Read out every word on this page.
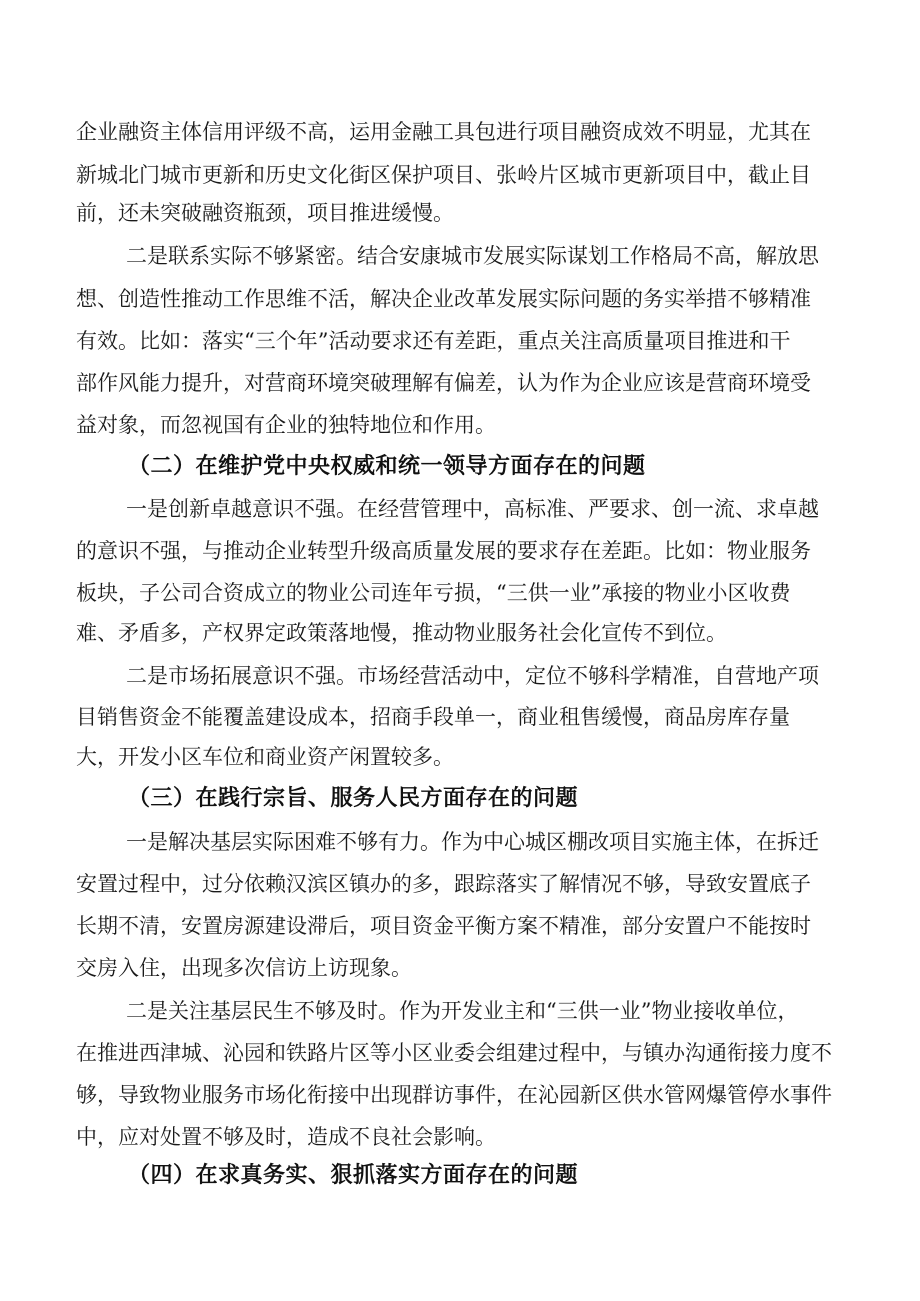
企业融资主体信用评级不高，运用金融工具包进行项目融资成效不明显，尤其在
新城北门城市更新和历史文化街区保护项目、张岭片区城市更新项目中，截止目
前，还未突破融资瓶颈，项目推进缓慢。
二是联系实际不够紧密。结合安康城市发展实际谋划工作格局不高，解放思
想、创造性推动工作思维不活，解决企业改革发展实际问题的务实举措不够精准
有效。比如：落实“三个年”活动要求还有差距，重点关注高质量项目推进和干
部作风能力提升，对营商环境突破理解有偏差，认为作为企业应该是营商环境受
益对象，而忽视国有企业的独特地位和作用。
（二）在维护党中央权威和统一领导方面存在的问题
一是创新卓越意识不强。在经营管理中，高标准、严要求、创一流、求卓越
的意识不强，与推动企业转型升级高质量发展的要求存在差距。比如：物业服务
板块，子公司合资成立的物业公司连年亏损，“三供一业”承接的物业小区收费
难、矛盾多，产权界定政策落地慢，推动物业服务社会化宣传不到位。
二是市场拓展意识不强。市场经营活动中，定位不够科学精准，自营地产项
目销售资金不能覆盖建设成本，招商手段单一，商业租售缓慢，商品房库存量
大，开发小区车位和商业资产闲置较多。
（三）在践行宗旨、服务人民方面存在的问题
一是解决基层实际困难不够有力。作为中心城区棚改项目实施主体，在拆迁
安置过程中，过分依赖汉滨区镇办的多，跟踪落实了解情况不够，导致安置底子
长期不清，安置房源建设滞后，项目资金平衡方案不精准，部分安置户不能按时
交房入住，出现多次信访上访现象。
二是关注基层民生不够及时。作为开发业主和“三供一业”物业接收单位，
在推进西津城、沁园和铁路片区等小区业委会组建过程中，与镇办沟通衔接力度不
够，导致物业服务市场化衔接中出现群访事件，在沁园新区供水管网爆管停水事件
中，应对处置不够及时，造成不良社会影响。
（四）在求真务实、狠抓落实方面存在的问题
